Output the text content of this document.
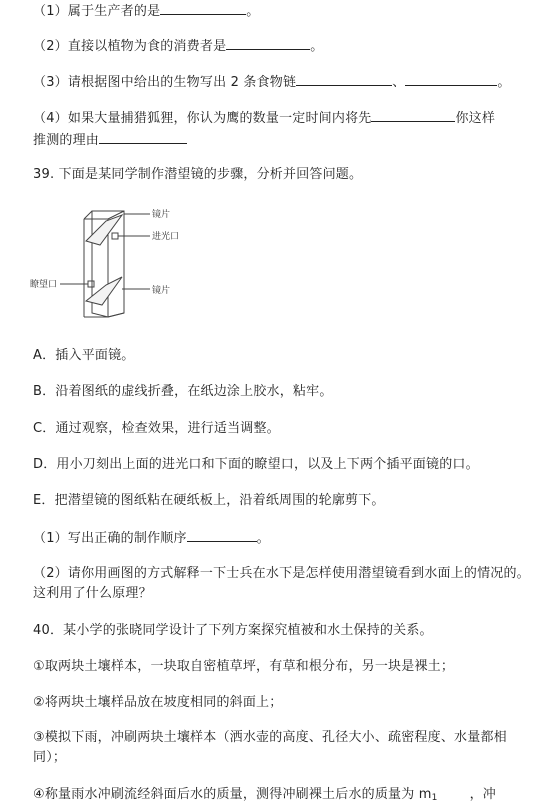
（1）属于生产者的是	。
（2）直接以植物为食的消费者是	。
（3）请根据图中给出的生物写出 2 条食物链	、	。
（4）如果大量捕猎狐狸，你认为鹰的数量一定时间内将先	你这样
推测的理由
39. 下面是某同学制作潜望镜的步骤，分析并回答问题。
镜片
进光口
瞭望口
镜片
A．插入平面镜。
B．沿着图纸的虚线折叠，在纸边涂上胶水，粘牢。
C．通过观察，检查效果，进行适当调整。
D．用小刀刻出上面的进光口和下面的瞭望口，以及上下两个插平面镜的口。
E．把潜望镜的图纸粘在硬纸板上，沿着纸周围的轮廓剪下。
（1）写出正确的制作顺序	。
（2）请你用画图的方式解释一下士兵在水下是怎样使用潜望镜看到水面上的情况的。这利用了什么原理？
40．某小学的张晓同学设计了下列方案探究植被和水土保持的关系。
①取两块土壤样本，一块取自密植草坪，有草和根分布，另一块是裸土；
②将两块土壤样品放在坡度相同的斜面上；
③模拟下雨，冲刷两块土壤样本（洒水壶的高度、孔径大小、疏密程度、水量都相同）；
④称量雨水冲刷流经斜面后水的质量，测得冲刷裸土后水的质量为 $m_1$ ，冲
